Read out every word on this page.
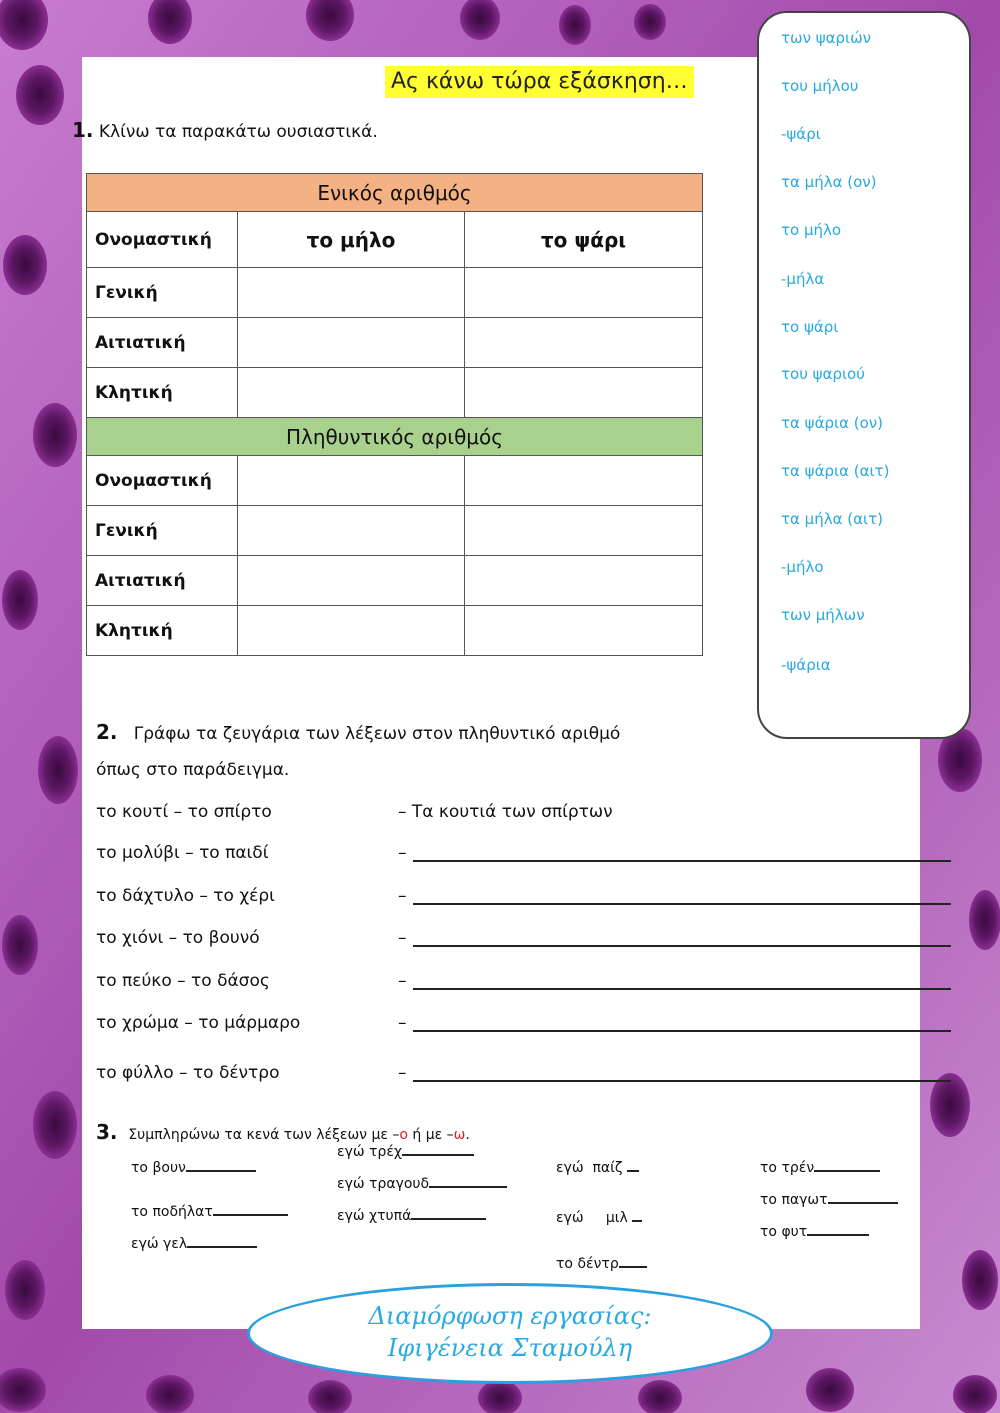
Ας κάνω τώρα εξάσκηση…
1. Κλίνω τα παρακάτω ουσιαστικά.
Ενικός αριθμός		
Ονομαστική	το μήλο	το ψάρι
Γενική		
Αιτιατική		
Κλητική		
Πληθυντικός αριθμός		
Ονομαστική		
Γενική		
Αιτιατική		
Κλητική		
των ψαριών
του μήλου
-ψάρι
τα μήλα (ον)
το μήλο
-μήλα
το ψάρι
του ψαριού
τα ψάρια (ον)
τα ψάρια (αιτ)
τα μήλα (αιτ)
-μήλο
των μήλων
-ψάρια
2. Γράφω τα ζευγάρια των λέξεων στον πληθυντικό αριθμό
όπως στο παράδειγμα.
το κουτί – το σπίρτο	– Τα κουτιά των σπίρτων
το μολύβι – το παιδί	–
το δάχτυλο – το χέρι	–
το χιόνι – το βουνό	–
το πεύκο – το δάσος	–
το χρώμα – το μάρμαρο	–
το φύλλο – το δέντρο	–
3. Συμπληρώνω τα κενά των λέξεων με –ο ή με –ω.
το βουν
το ποδήλατ
εγώ γελ
εγώ τρέχ
εγώ τραγουδ
εγώ χτυπά
εγώ  παίζ
εγώ     μιλ
το δέντρ
το τρέν
το παγωτ
το φυτ
Διαμόρφωση εργασίας:
Ιφιγένεια Σταμούλη
